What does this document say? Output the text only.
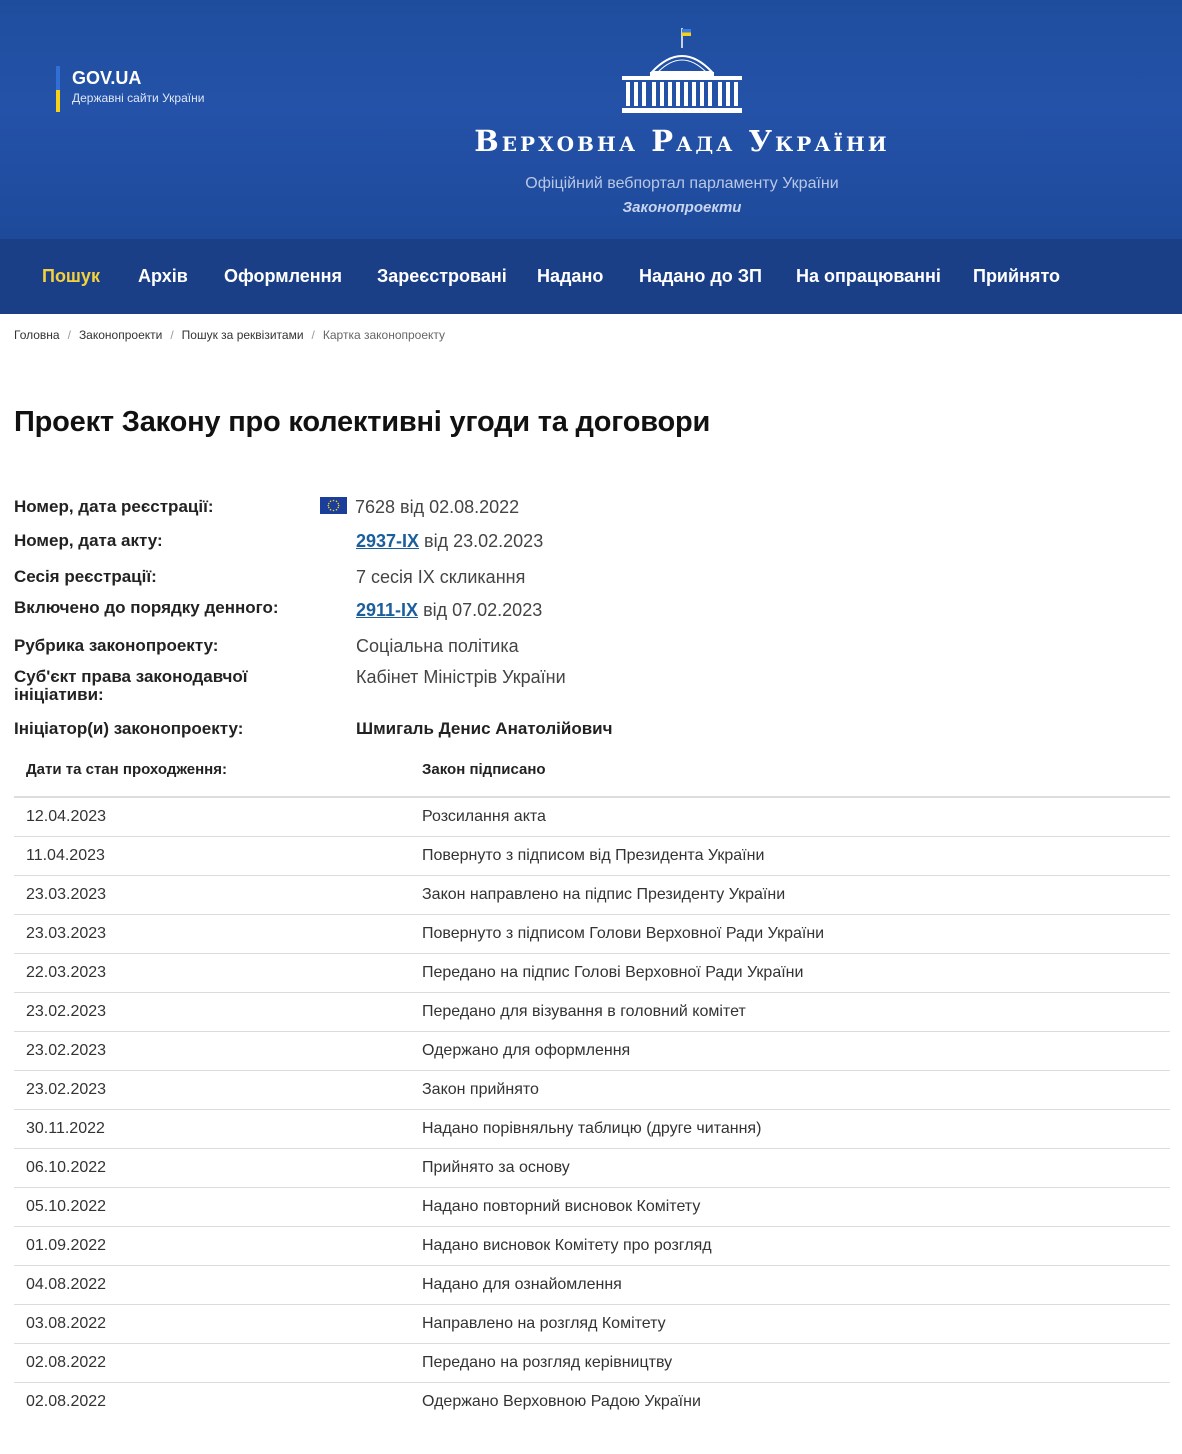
GOV.UA
Державні сайти України
Верховна Рада України
Офіційний вебпортал парламенту України
Законопроекти
Пошук Архів Оформлення Зареєстровані Надано Надано до ЗП На опрацюванні Прийнято
Головна / Законопроекти / Пошук за реквізитами / Картка законопроекту
Проект Закону про колективні угоди та договори
Номер, дата реєстрації:	7628 від 02.08.2022
Номер, дата акту:	2937-IX від 23.02.2023
Сесія реєстрації:	7 сесія IX скликання
Включено до порядку денного:	2911-IX від 07.02.2023
Рубрика законопроекту:	Соціальна політика
Суб'єкт права законодавчої ініціативи:
Кабінет Міністрів України
Ініціатор(и) законопроекту:	Шмигаль Денис Анатолійович
Дати та стан проходження:	Закон підписано
12.04.2023	Розсилання акта
11.04.2023	Повернуто з підписом від Президента України
23.03.2023	Закон направлено на підпис Президенту України
23.03.2023	Повернуто з підписом Голови Верховної Ради України
22.03.2023	Передано на підпис Голові Верховної Ради України
23.02.2023	Передано для візування в головний комітет
23.02.2023	Одержано для оформлення
23.02.2023	Закон прийнято
30.11.2022	Надано порівняльну таблицю (друге читання)
06.10.2022	Прийнято за основу
05.10.2022	Надано повторний висновок Комітету
01.09.2022	Надано висновок Комітету про розгляд
04.08.2022	Надано для ознайомлення
03.08.2022	Направлено на розгляд Комітету
02.08.2022	Передано на розгляд керівництву
02.08.2022	Одержано Верховною Радою України
